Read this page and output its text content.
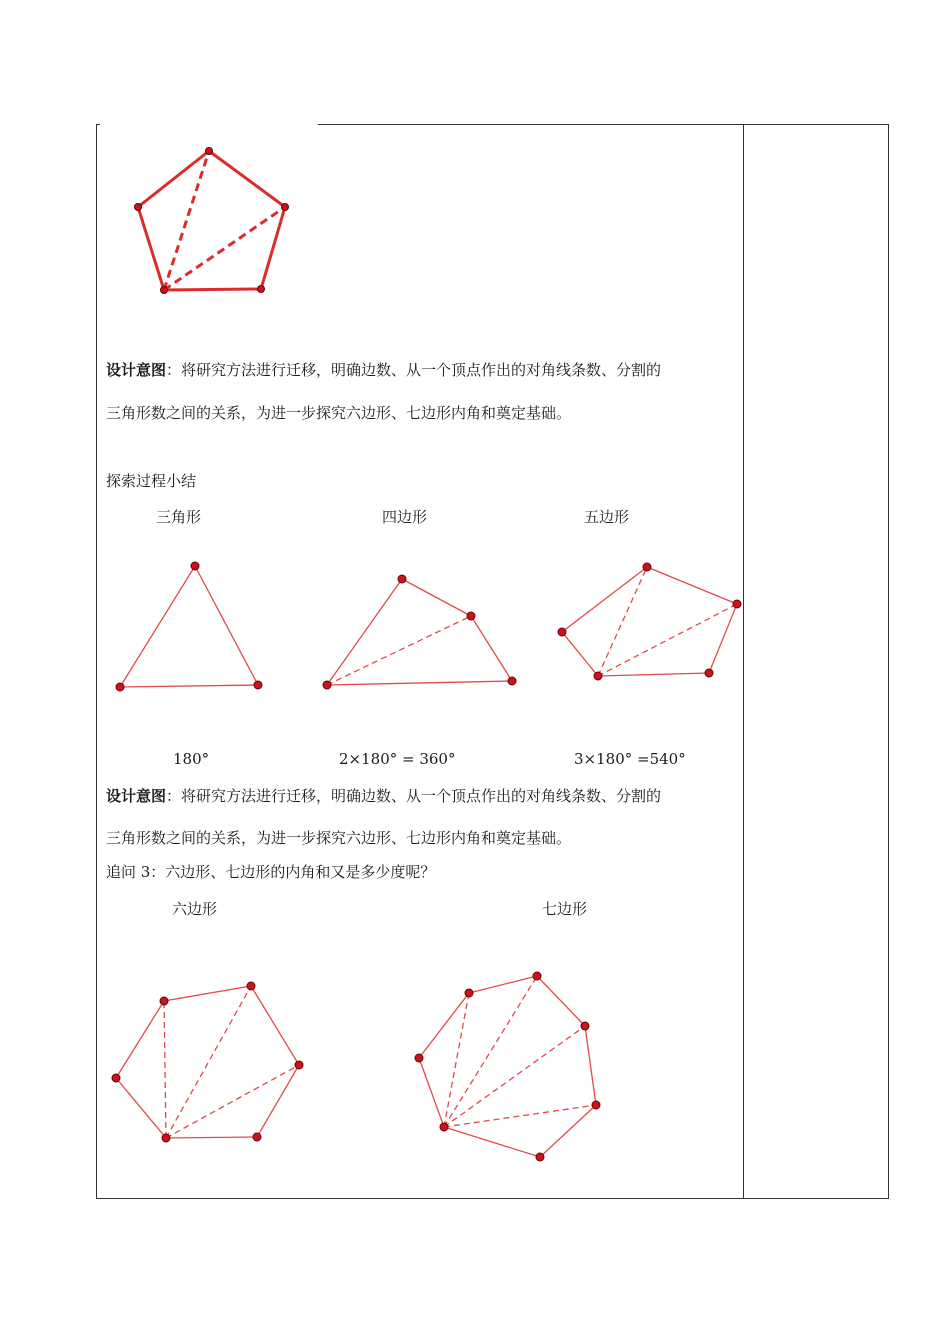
设计意图：将研究方法进行迁移，明确边数、从一个顶点作出的对角线条数、分割的
三角形数之间的关系，为进一步探究六边形、七边形内角和奠定基础。
探索过程小结
三角形	四边形	五边形
180°	2×180° = 360°	3×180° =540°
设计意图：将研究方法进行迁移，明确边数、从一个顶点作出的对角线条数、分割的
三角形数之间的关系，为进一步探究六边形、七边形内角和奠定基础。
追问 3：六边形、七边形的内角和又是多少度呢？
六边形	七边形
